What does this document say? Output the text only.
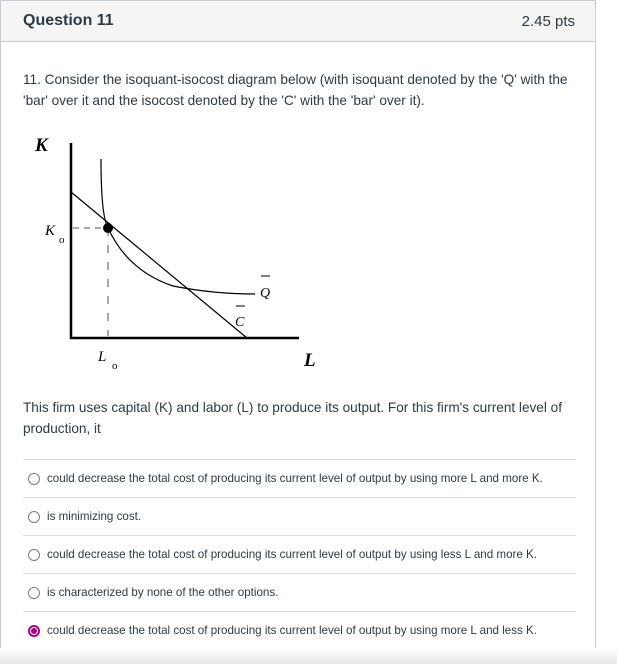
Question 11	2.45 pts
11. Consider the isoquant-isocost diagram below (with isoquant denoted by the 'Q' with the 'bar' over it and the isocost denoted by the 'C' with the 'bar' over it).
K
L
K
o
L
o
Q
C
This firm uses capital (K) and labor (L) to produce its output. For this firm's current level of production, it
could decrease the total cost of producing its current level of output by using more L and more K.
is minimizing cost.
could decrease the total cost of producing its current level of output by using less L and more K.
is characterized by none of the other options.
could decrease the total cost of producing its current level of output by using more L and less K.
